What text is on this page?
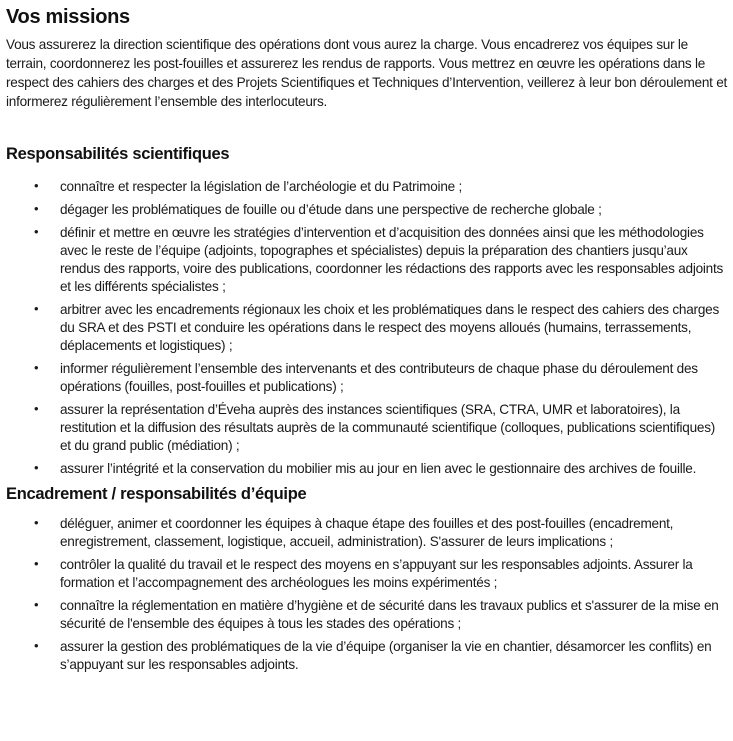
Vos missions

Vous assurerez la direction scientifique des opérations dont vous aurez la charge. Vous encadrerez vos équipes sur le terrain, coordonnerez les post-fouilles et assurerez les rendus de rapports. Vous mettrez en œuvre les opérations dans le respect des cahiers des charges et des Projets Scientifiques et Techniques d’Intervention, veillerez à leur bon déroulement et informerez régulièrement l’ensemble des interlocuteurs.

Responsabilités scientifiques
• connaître et respecter la législation de l’archéologie et du Patrimoine ;
• dégager les problématiques de fouille ou d’étude dans une perspective de recherche globale ;
• définir et mettre en œuvre les stratégies d’intervention et d’acquisition des données ainsi que les méthodologies avec le reste de l’équipe (adjoints, topographes et spécialistes) depuis la préparation des chantiers jusqu’aux rendus des rapports, voire des publications, coordonner les rédactions des rapports avec les responsables adjoints et les différents spécialistes ;
• arbitrer avec les encadrements régionaux les choix et les problématiques dans le respect des cahiers des charges du SRA et des PSTI et conduire les opérations dans le respect des moyens alloués (humains, terrassements, déplacements et logistiques) ;
• informer régulièrement l’ensemble des intervenants et des contributeurs de chaque phase du déroulement des opérations (fouilles, post-fouilles et publications) ;
• assurer la représentation d’Éveha auprès des instances scientifiques (SRA, CTRA, UMR et laboratoires), la restitution et la diffusion des résultats auprès de la communauté scientifique (colloques, publications scientifiques) et du grand public (médiation) ;
• assurer l’intégrité et la conservation du mobilier mis au jour en lien avec le gestionnaire des archives de fouille.
Encadrement / responsabilités d’équipe
• déléguer, animer et coordonner les équipes à chaque étape des fouilles et des post-fouilles (encadrement, enregistrement, classement, logistique, accueil, administration). S'assurer de leurs implications ;
• contrôler la qualité du travail et le respect des moyens en s’appuyant sur les responsables adjoints. Assurer la formation et l’accompagnement des archéologues les moins expérimentés ;
• connaître la réglementation en matière d’hygiène et de sécurité dans les travaux publics et s'assurer de la mise en sécurité de l'ensemble des équipes à tous les stades des opérations ;
• assurer la gestion des problématiques de la vie d’équipe (organiser la vie en chantier, désamorcer les conflits) en s’appuyant sur les responsables adjoints.
